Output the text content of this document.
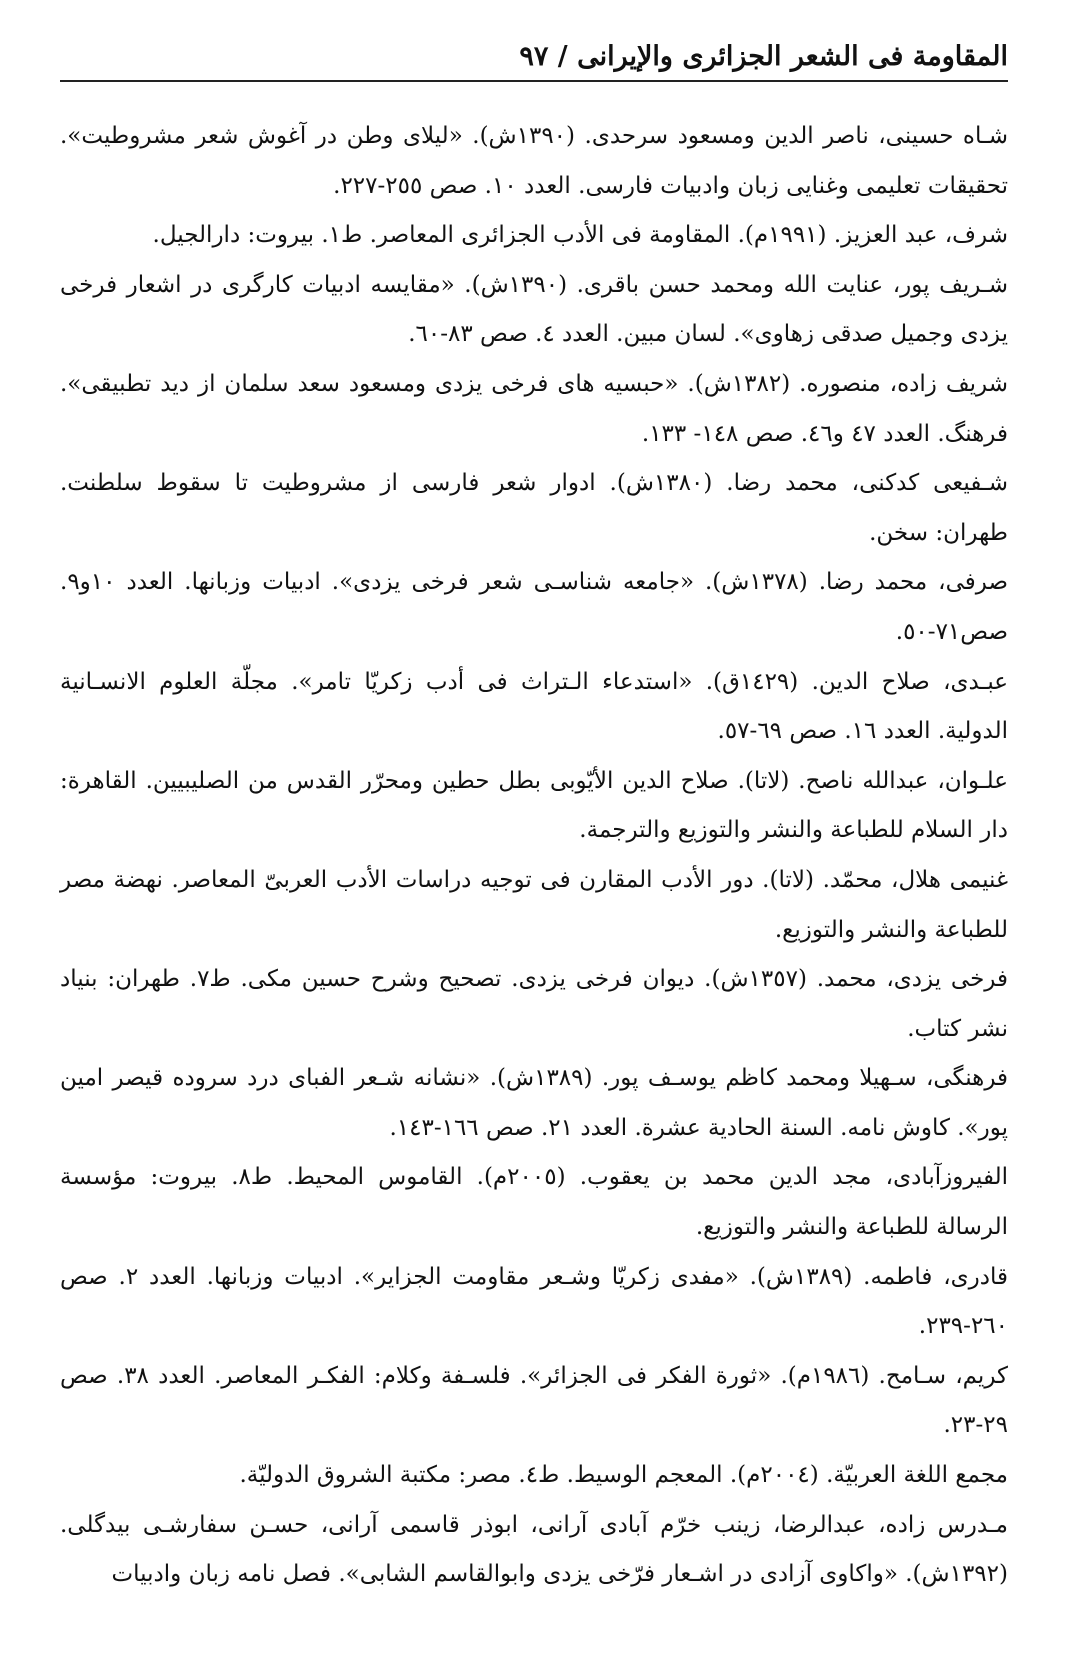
المقاومة فى الشعر الجزائرى والإيرانى / ٩٧

شـاه حسينى، ناصر الدين ومسعود سرحدى. (١٣٩٠ش). «ليلاى وطن در آغوش شعر مشروطيت». تحقيقات تعليمى وغنايى زبان وادبيات فارسى. العدد ١٠. صص ٢٥٥-٢٢٧.

شرف، عبد العزيز. (١٩٩١م). المقاومة فى الأدب الجزائرى المعاصر. ط١. بيروت: دارالجيل.

شـريف پور، عنايت الله ومحمد حسن باقرى. (١٣٩٠ش). «مقايسه ادبيات كارگرى در اشعار فرخى يزدى وجميل صدقى زهاوى». لسان مبين. العدد ٤. صص ٨٣-٦٠.

شريف زاده، منصوره. (١٣٨٢ش). «حبسيه هاى فرخى يزدى ومسعود سعد سلمان از ديد تطبيقى». فرهنگ. العدد ٤٧ و٤٦. صص ١٤٨- ١٣٣.

شـفيعى كدكنى، محمد رضا. (١٣٨٠ش). ادوار شعر فارسى از مشروطيت تا سقوط سلطنت. طهران: سخن.

صرفى، محمد رضا. (١٣٧٨ش). «جامعه شناسـى شعر فرخى يزدى». ادبيات وزبانها. العدد ١٠و٩. صص٧١-٥٠.

عبـدى، صلاح الدين. (١٤٢٩ق). «استدعاء الـتراث فى أدب زكريّا تامر». مجلّة العلوم الانسـانية الدولية. العدد ١٦. صص ٦٩-٥٧.

علـوان، عبدالله ناصح. (لاتا). صلاح الدين الأيّوبى بطل حطين ومحرّر القدس من الصليبيين. القاهرة: دار السلام للطباعة والنشر والتوزيع والترجمة.

غنيمى هلال، محمّد. (لاتا). دور الأدب المقارن فى توجيه دراسات الأدب العربىّ المعاصر. نهضة مصر للطباعة والنشر والتوزيع.

فرخى يزدى، محمد. (١٣٥٧ش). ديوان فرخى يزدى. تصحيح وشرح حسين مكى. ط٧. طهران: بنياد نشر كتاب.

فرهنگى، سـهيلا ومحمد كاظم يوسـف پور. (١٣٨٩ش). «نشانه شـعر الفباى درد سروده قيصر امين پور». كاوش نامه. السنة الحادية عشرة. العدد ٢١. صص ١٦٦-١٤٣.

الفيروزآبادى، مجد الدين محمد بن يعقوب. (٢٠٠٥م). القاموس المحيط. ط٨. بيروت: مؤسسة الرسالة للطباعة والنشر والتوزيع.

قادرى، فاطمه. (١٣٨٩ش). «مفدى زكريّا وشـعر مقاومت الجزاير». ادبيات وزبانها. العدد ٢. صص ٢٦٠-٢٣٩.

كريم، سـامح. (١٩٨٦م). «ثورة الفكر فى الجزائر». فلسـفة وكلام: الفكـر المعاصر. العدد ٣٨. صص ٢٩-٢٣.

مجمع اللغة العربيّة. (٢٠٠٤م). المعجم الوسيط. ط٤. مصر: مكتبة الشروق الدوليّة.

مـدرس زاده، عبدالرضا، زينب خرّم آبادى آرانى، ابوذر قاسمى آرانى، حسـن سفارشـى بيدگلى. (١٣٩٢ش). «واكاوى آزادى در اشـعار فرّخى يزدى وابوالقاسم الشابى». فصل نامه زبان وادبيات
